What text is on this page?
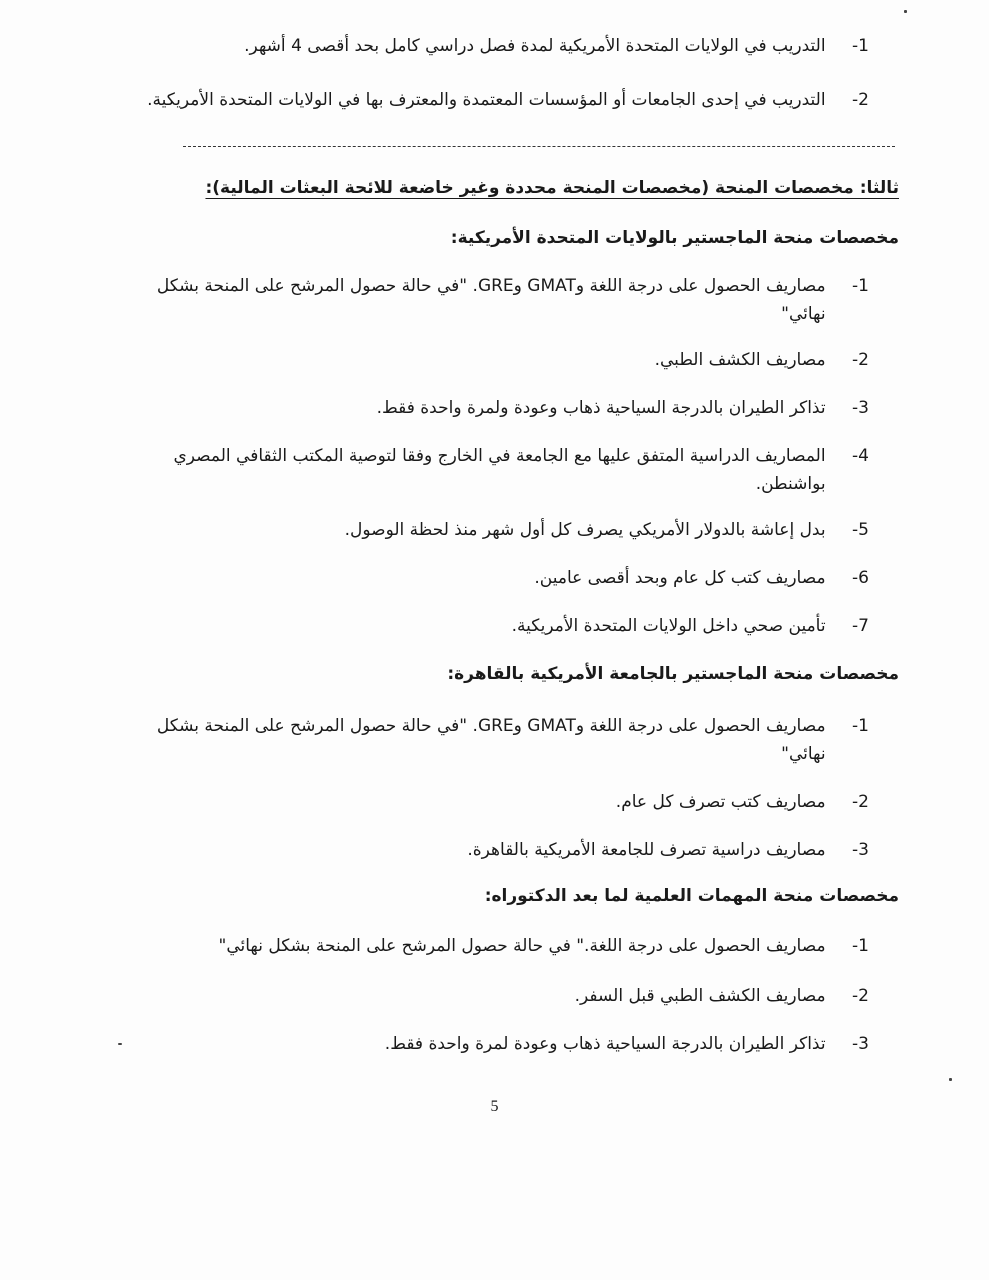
1- التدريب في الولايات المتحدة الأمريكية لمدة فصل دراسي كامل بحد أقصى 4 أشهر.
2- التدريب في إحدى الجامعات أو المؤسسات المعتمدة والمعترف بها في الولايات المتحدة الأمريكية.
ثالثا: مخصصات المنحة (مخصصات المنحة محددة وغير خاضعة للائحة البعثات المالية):
مخصصات منحة الماجستير بالولايات المتحدة الأمريكية:
1- مصاريف الحصول على درجة اللغة وGMAT وGRE. "في حالة حصول المرشح على المنحة بشكل نهائي"
2- مصاريف الكشف الطبي.
3- تذاكر الطيران بالدرجة السياحية ذهاب وعودة ولمرة واحدة فقط.
4- المصاريف الدراسية المتفق عليها مع الجامعة في الخارج وفقا لتوصية المكتب الثقافي المصري بواشنطن.
5- بدل إعاشة بالدولار الأمريكي يصرف كل أول شهر منذ لحظة الوصول.
6- مصاريف كتب كل عام وبحد أقصى عامين.
7- تأمين صحي داخل الولايات المتحدة الأمريكية.
مخصصات منحة الماجستير بالجامعة الأمريكية بالقاهرة:
1- مصاريف الحصول على درجة اللغة وGMAT وGRE. "في حالة حصول المرشح على المنحة بشكل نهائي"
2- مصاريف كتب تصرف كل عام.
3- مصاريف دراسية تصرف للجامعة الأمريكية بالقاهرة.
مخصصات منحة المهمات العلمية لما بعد الدكتوراه:
1- مصاريف الحصول على درجة اللغة." في حالة حصول المرشح على المنحة بشكل نهائي"
2- مصاريف الكشف الطبي قبل السفر.
3- تذاكر الطيران بالدرجة السياحية ذهاب وعودة لمرة واحدة فقط.
5
